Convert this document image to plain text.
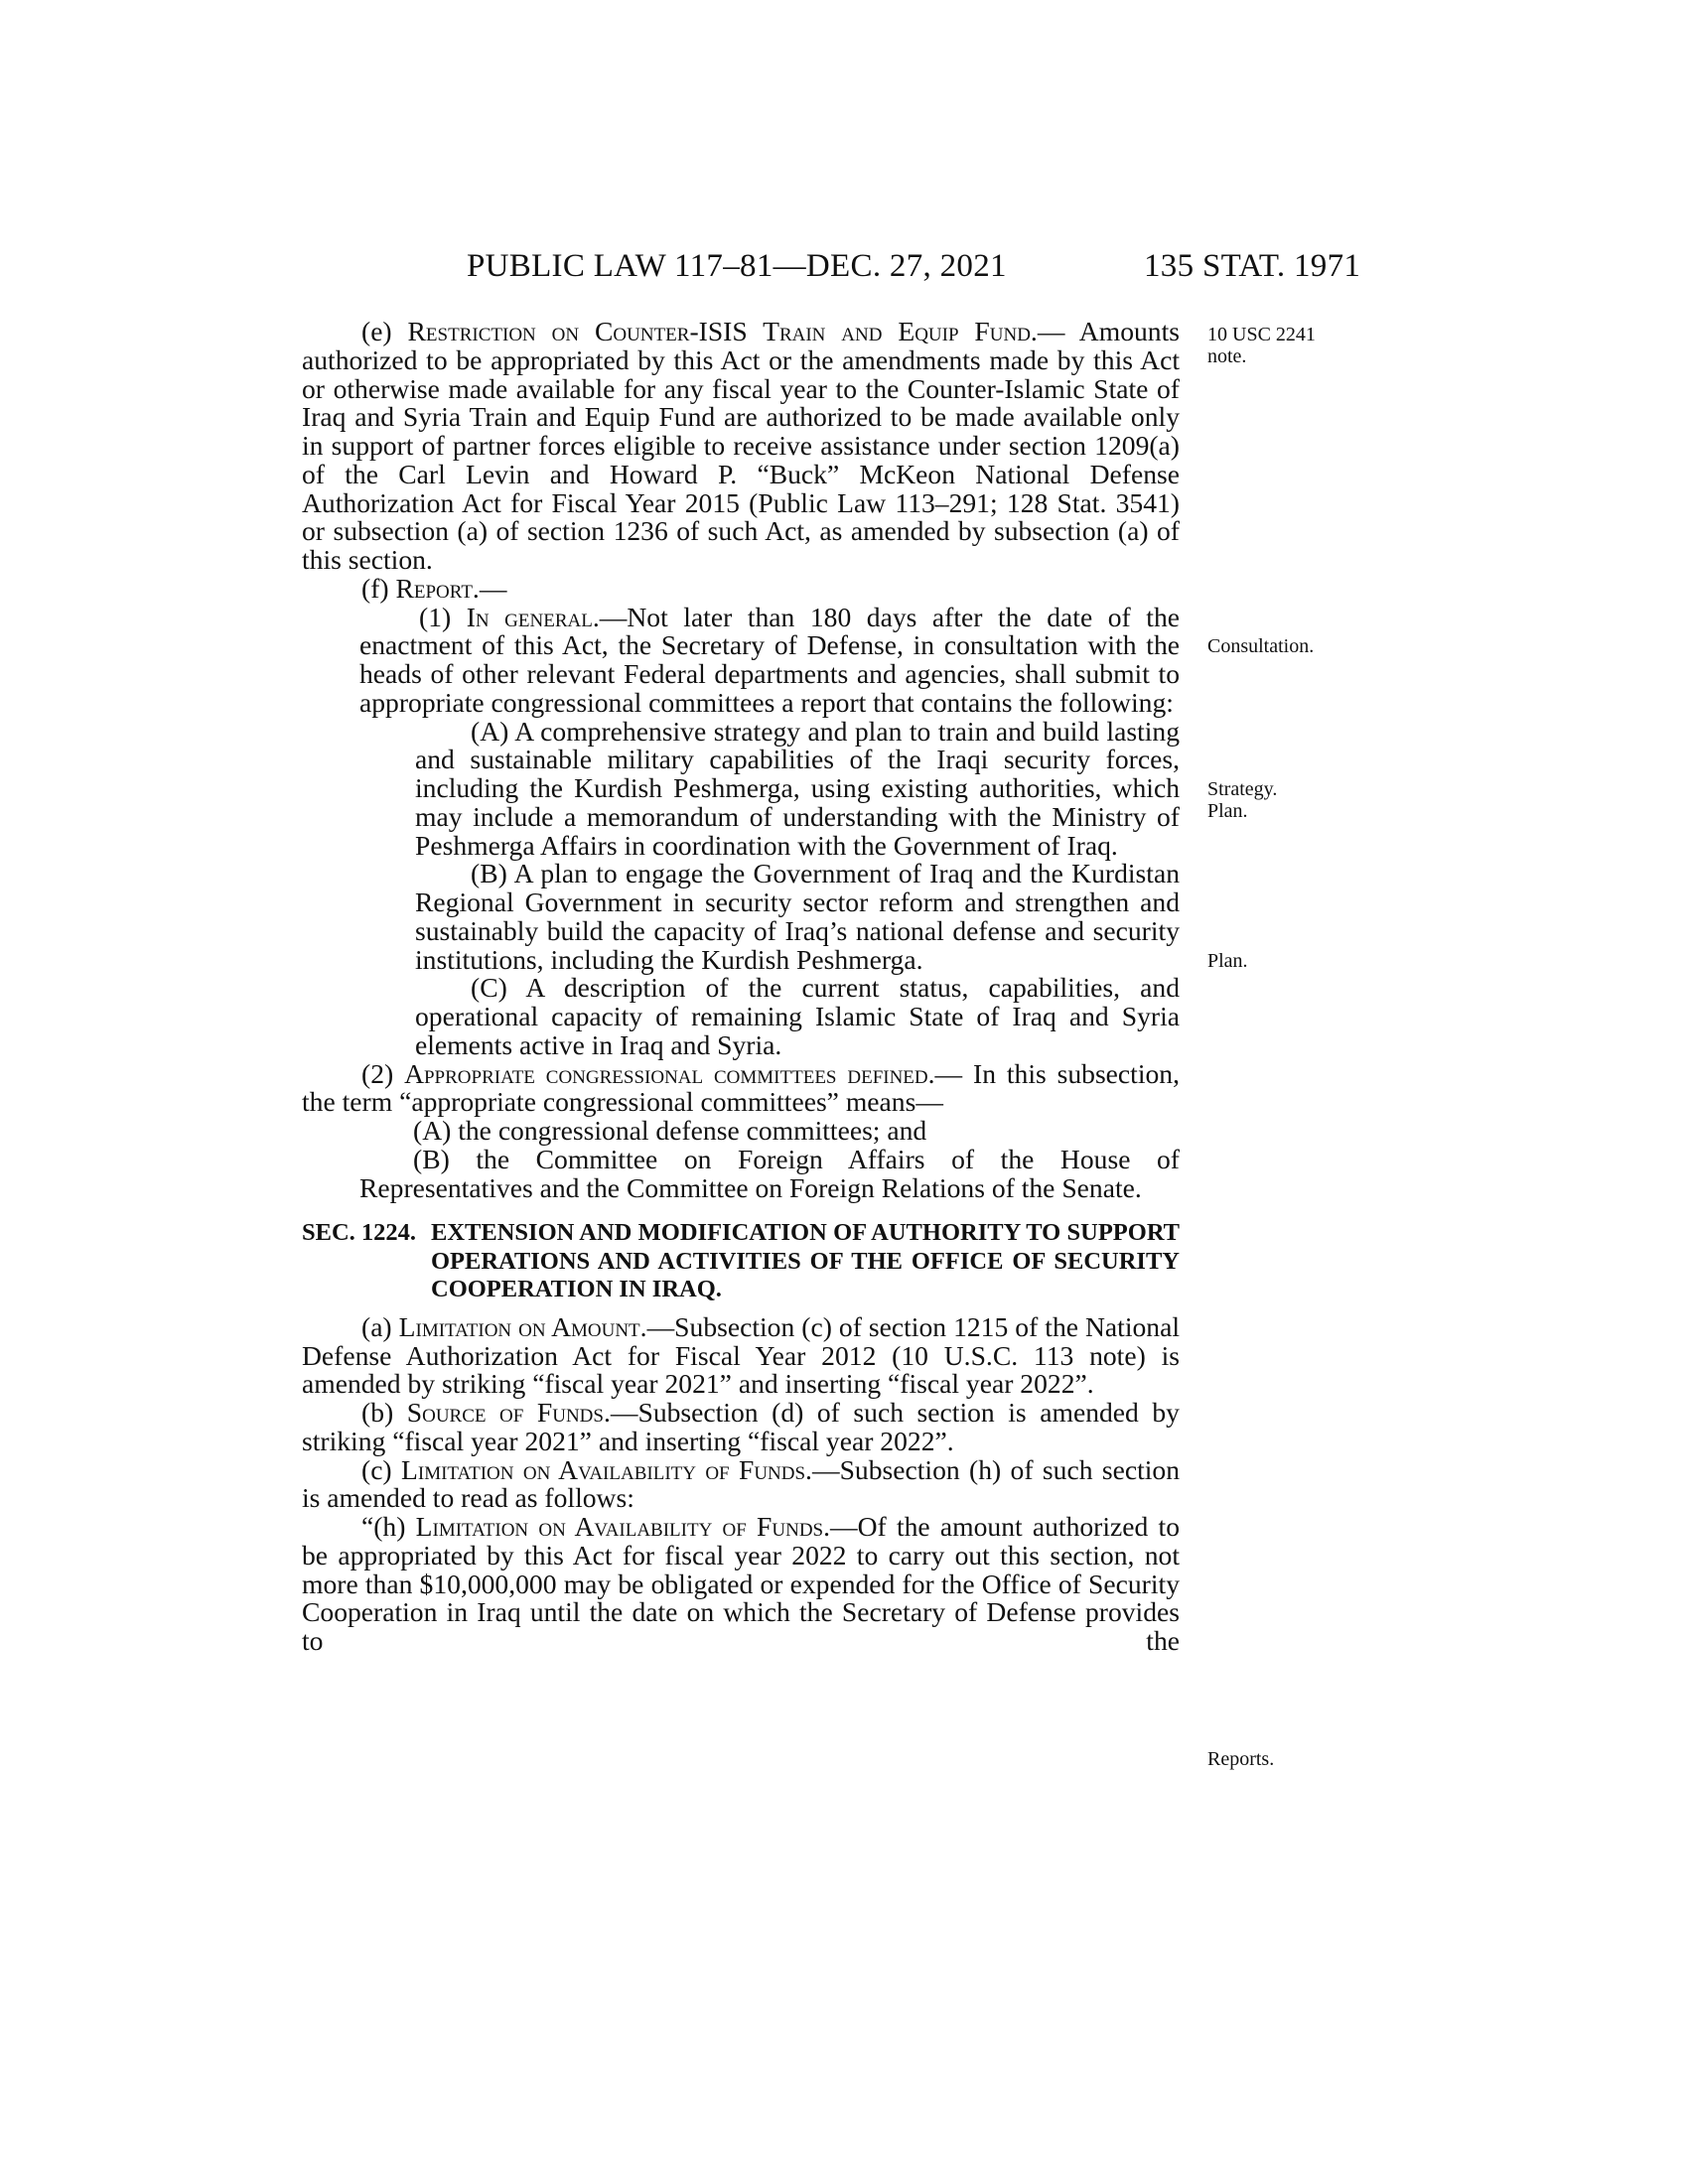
PUBLIC LAW 117–81—DEC. 27, 2021	135 STAT. 1971
10 USC 2241
note.
Consultation.
Strategy.
Plan.
Plan.
Reports.

(e) Restriction on Counter-ISIS Train and Equip Fund.— Amounts authorized to be appropriated by this Act or the amendments made by this Act or otherwise made available for any fiscal year to the Counter-Islamic State of Iraq and Syria Train and Equip Fund are authorized to be made available only in support of partner forces eligible to receive assistance under section 1209(a) of the Carl Levin and Howard P. “Buck” McKeon National Defense Authorization Act for Fiscal Year 2015 (Public Law 113–291; 128 Stat. 3541) or subsection (a) of section 1236 of such Act, as amended by subsection (a) of this section.

(f) Report.—

(1) In general.—Not later than 180 days after the date of the enactment of this Act, the Secretary of Defense, in consultation with the heads of other relevant Federal departments and agencies, shall submit to appropriate congressional committees a report that contains the following:

(A) A comprehensive strategy and plan to train and build lasting and sustainable military capabilities of the Iraqi security forces, including the Kurdish Peshmerga, using existing authorities, which may include a memorandum of understanding with the Ministry of Peshmerga Affairs in coordination with the Government of Iraq.

(B) A plan to engage the Government of Iraq and the Kurdistan Regional Government in security sector reform and strengthen and sustainably build the capacity of Iraq’s national defense and security institutions, including the Kurdish Peshmerga.

(C) A description of the current status, capabilities, and operational capacity of remaining Islamic State of Iraq and Syria elements active in Iraq and Syria.

(2) Appropriate congressional committees defined.— In this subsection, the term “appropriate congressional committees” means—

(A) the congressional defense committees; and

(B) the Committee on Foreign Affairs of the House of Representatives and the Committee on Foreign Relations of the Senate.

SEC. 1224. EXTENSION AND MODIFICATION OF AUTHORITY TO SUPPORT OPERATIONS AND ACTIVITIES OF THE OFFICE OF SECURITY COOPERATION IN IRAQ.

(a) Limitation on Amount.—Subsection (c) of section 1215 of the National Defense Authorization Act for Fiscal Year 2012 (10 U.S.C. 113 note) is amended by striking “fiscal year 2021” and inserting “fiscal year 2022”.

(b) Source of Funds.—Subsection (d) of such section is amended by striking “fiscal year 2021” and inserting “fiscal year 2022”.

(c) Limitation on Availability of Funds.—Subsection (h) of such section is amended to read as follows:

“(h) Limitation on Availability of Funds.—Of the amount authorized to be appropriated by this Act for fiscal year 2022 to carry out this section, not more than $10,000,000 may be obligated or expended for the Office of Security Cooperation in Iraq until the date on which the Secretary of Defense provides to the
